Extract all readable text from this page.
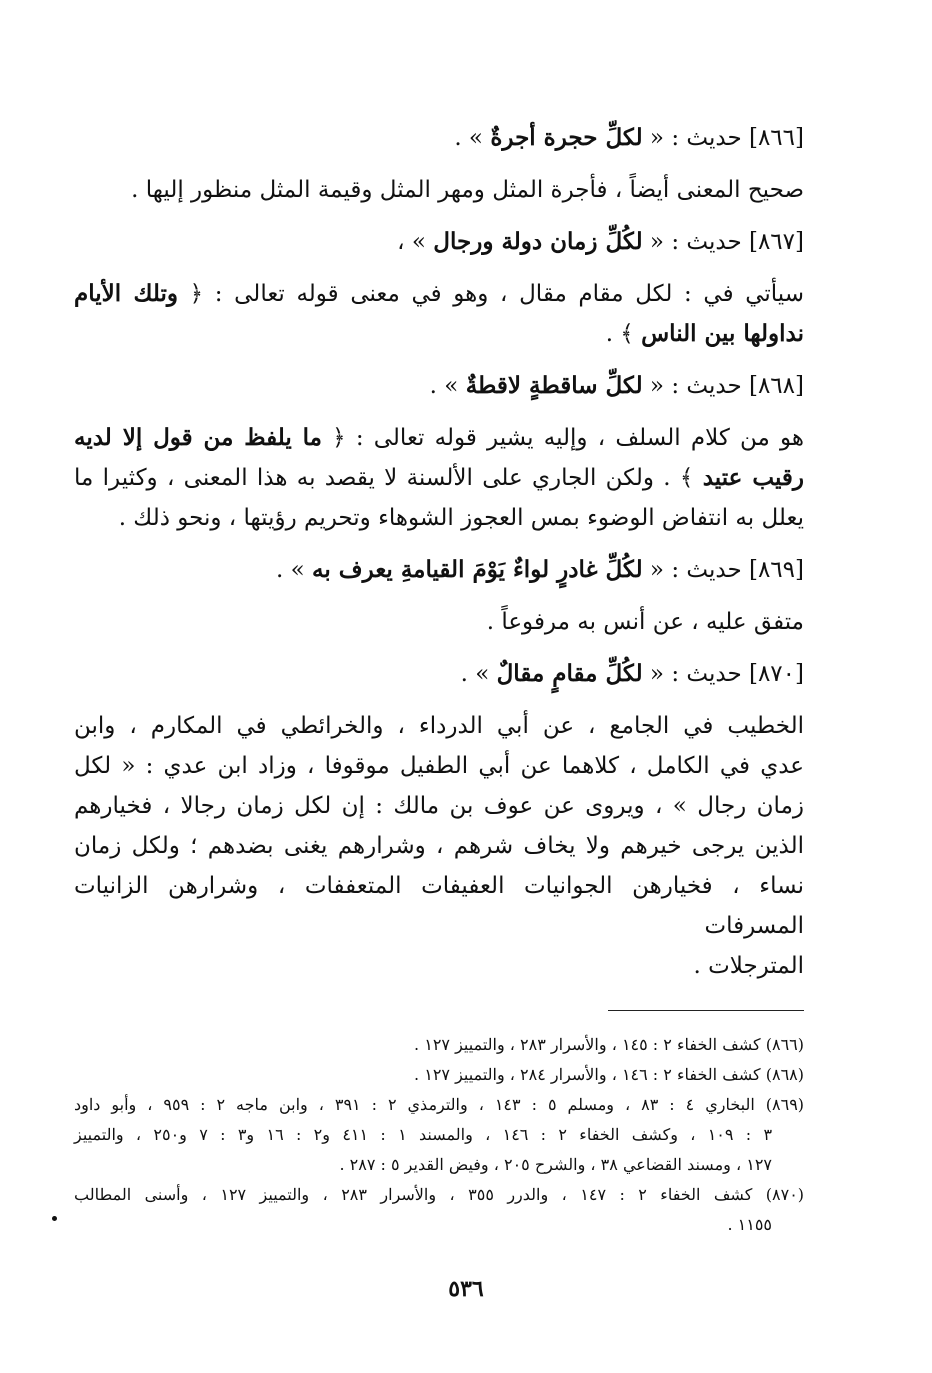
[٨٦٦] حديث : « لكلِّ حجرة أجرةٌ » .
صحيح المعنى أيضاً ، فأجرة المثل ومهر المثل وقيمة المثل منظور إليها .
[٨٦٧] حديث : « لكُلِّ زمان دولة ورجال » ،
سيأتي في : لكل مقام مقال ، وهو في معنى قوله تعالى : ﴿ وتلك الأيام
نداولها بين الناس ﴾ .
[٨٦٨] حديث : « لكلِّ ساقطةٍ لاقطةٌ » .
هو من كلام السلف ، وإليه يشير قوله تعالى : ﴿ ما يلفظ من قول إلا لديه
رقيب عتيد ﴾ . ولكن الجاري على الألسنة لا يقصد به هذا المعنى ، وكثيرا ما
يعلل به انتفاض الوضوء بمس العجوز الشوهاء وتحريم رؤيتها ، ونحو ذلك .
[٨٦٩] حديث : « لكُلِّ غادرٍ لواءٌ يَوْمَ القيامةِ يعرف به » .
متفق عليه ، عن أنس به مرفوعاً .
[٨٧٠] حديث : « لكُلِّ مقامٍ مقالٌ » .
الخطيب في الجامع ، عن أبي الدرداء ، والخرائطي في المكارم ، وابن
عدي في الكامل ، كلاهما عن أبي الطفيل موقوفا ، وزاد ابن عدي : « لكل
زمان رجال » ، ويروى عن عوف بن مالك : إن لكل زمان رجالا ، فخيارهم
الذين يرجى خيرهم ولا يخاف شرهم ، وشرارهم يغنى بضدهم ؛ ولكل زمان
نساء ، فخيارهن الجوانيات العفيفات المتعففات ، وشرارهن الزانيات المسرفات
المترجلات .
(٨٦٦) كشف الخفاء ٢ : ١٤٥ ، والأسرار ٢٨٣ ، والتمييز ١٢٧ .
(٨٦٨) كشف الخفاء ٢ : ١٤٦ ، والأسرار ٢٨٤ ، والتمييز ١٢٧ .
(٨٦٩) البخاري ٤ : ٨٣ ، ومسلم ٥ : ١٤٣ ، والترمذي ٢ : ٣٩١ ، وابن ماجه ٢ : ٩٥٩ ، وأبو داود
٣ : ١٠٩ ، وكشف الخفاء ٢ : ١٤٦ ، والمسند ١ : ٤١١ و٢ : ١٦ و٣ : ٧ و٢٥٠ ، والتمييز
١٢٧ ، ومسند القضاعي ٣٨ ، والشرح ٢٠٥ ، وفيض القدير ٥ : ٢٨٧ .
(٨٧٠) كشف الخفاء ٢ : ١٤٧ ، والدرر ٣٥٥ ، والأسرار ٢٨٣ ، والتمييز ١٢٧ ، وأسنى المطالب
١١٥٥ .
٥٣٦
